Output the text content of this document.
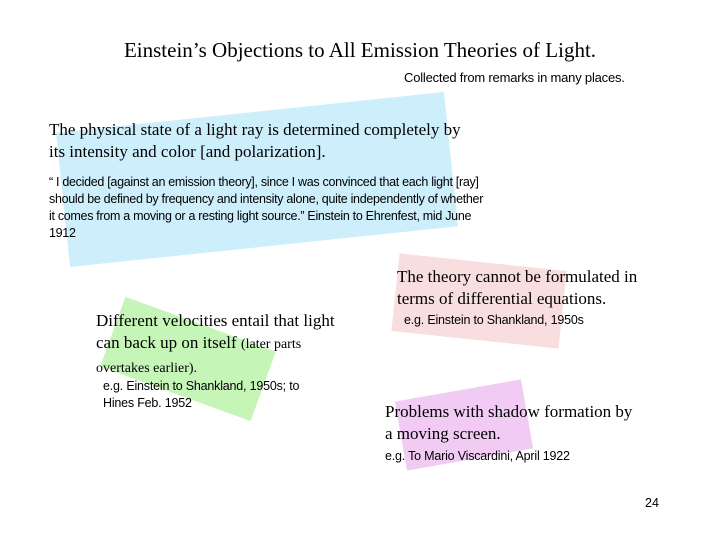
Einstein’s Objections to All Emission Theories of Light.
Collected from remarks in many places.
The physical state of a light ray is determined completely by its intensity and color [and polarization].
“ I decided [against an emission theory], since I was convinced that each light [ray] should be defined by frequency and intensity alone, quite independently of whether it comes from a moving or a resting light source.” Einstein to Ehrenfest, mid June 1912
The theory cannot be formulated in terms of differential equations.
e.g. Einstein to Shankland, 1950s
Different velocities entail that light can back up on itself (later parts overtakes earlier).
e.g. Einstein to Shankland, 1950s; to Hines Feb. 1952	Problems with shadow formation by a moving screen.
e.g. To Mario Viscardini, April 1922
24
